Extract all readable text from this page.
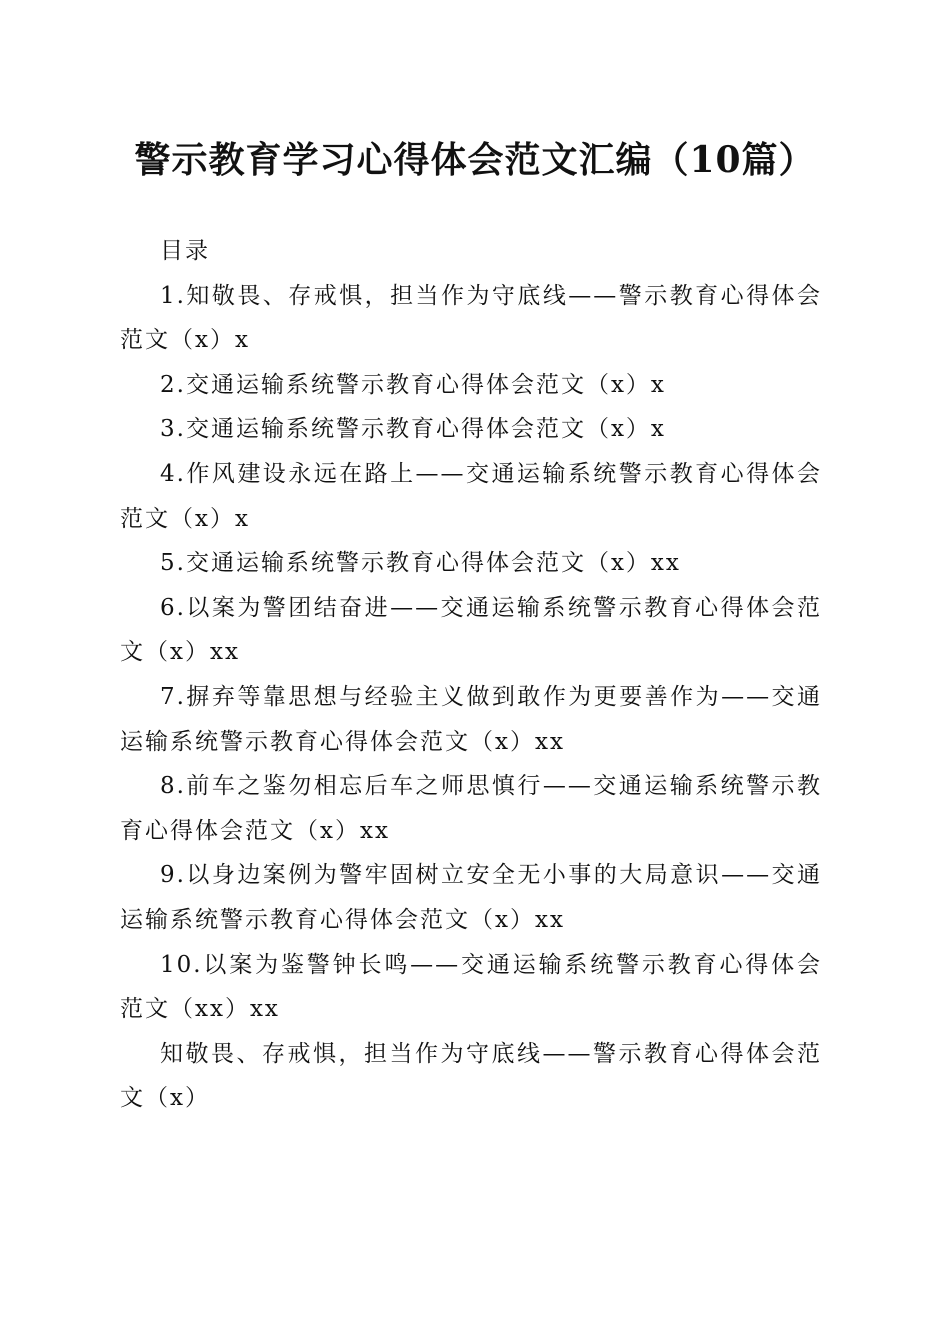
警示教育学习心得体会范文汇编（10篇）

目录

1.知敬畏、存戒惧，担当作为守底线——警示教育心得体会范文（x）x

2.交通运输系统警示教育心得体会范文（x）x

3.交通运输系统警示教育心得体会范文（x）x

4.作风建设永远在路上——交通运输系统警示教育心得体会范文（x）x

5.交通运输系统警示教育心得体会范文（x）xx

6.以案为警团结奋进——交通运输系统警示教育心得体会范文（x）xx

7.摒弃等靠思想与经验主义做到敢作为更要善作为——交通运输系统警示教育心得体会范文（x）xx

8.前车之鉴勿相忘后车之师思慎行——交通运输系统警示教育心得体会范文（x）xx

9.以身边案例为警牢固树立安全无小事的大局意识——交通运输系统警示教育心得体会范文（x）xx

10.以案为鉴警钟长鸣——交通运输系统警示教育心得体会范文（xx）xx

知敬畏、存戒惧，担当作为守底线——警示教育心得体会范文（x）
